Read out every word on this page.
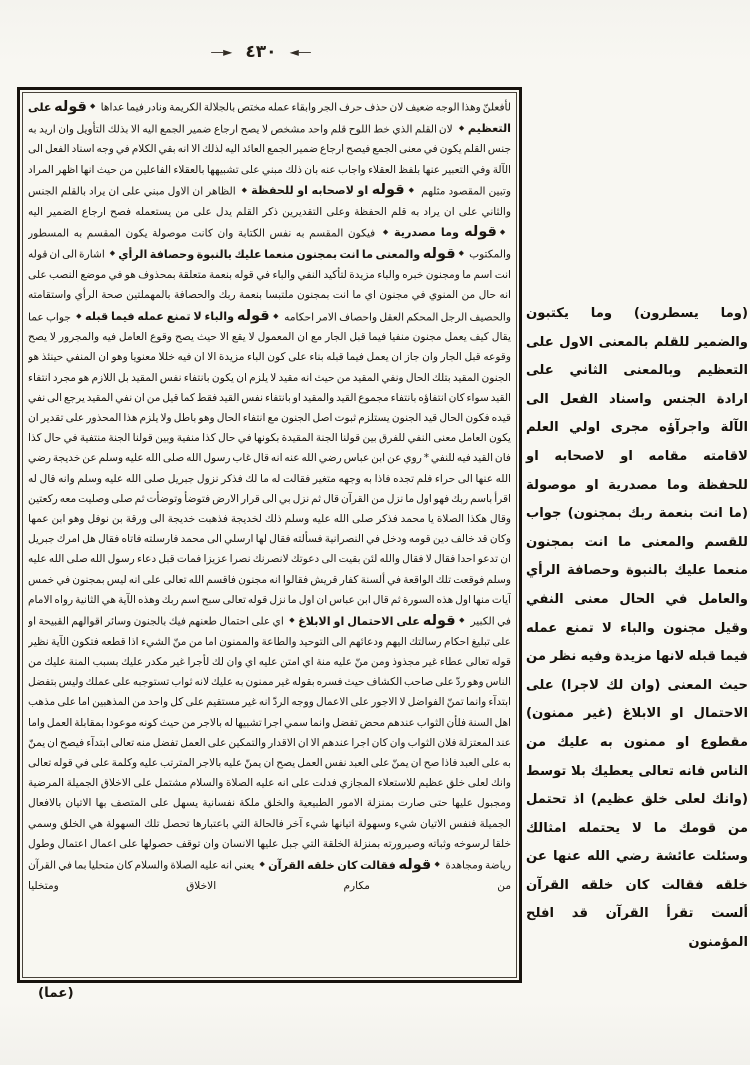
―► ٤٣٠ ◄―
لأفعلنّ وهذا الوجه ضعيف لان حذف حرف الجر وابقاء عمله مختص بالجلالة الكريمة ونادر فيما عداها ◆قوله على التعظيم◆ لان القلم الذي خط اللوح قلم واحد مشخص لا يصح ارجاع ضمير الجمع اليه الا بذلك التأويل وان اريد به جنس القلم يكون في معنى الجمع فيصح ارجاع ضمير الجمع العائد اليه لذلك الا انه بقي الكلام في وجه اسناد الفعل الى الآلة وفي التعبير عنها بلفظ العقلاء واجاب عنه بان ذلك مبني على تشبيهها بالعقلاء الفاعلين من حيث انها اظهر المراد وتبين المقصود مثلهم ◆قوله او لاصحابه او للحفظة◆ الظاهر ان الاول مبني على ان يراد بالقلم الجنس والثاني على ان يراد به قلم الحفظة وعلى التقديرين ذكر القلم يدل على من يستعمله فصح ارجاع الضمير اليه ◆قوله وما مصدرية◆ فيكون المقسم به نفس الكتابة وان كانت موصولة يكون المقسم به المسطور والمكتوب ◆قوله والمعنى ما انت بمجنون منعما عليك بالنبوة وحصافة الرأي◆ اشارة الى ان قوله انت اسم ما ومجنون خبره والباء مزيدة لتأكيد النفي والباء في قوله بنعمة متعلقة بمحذوف هو في موضع النصب على انه حال من المنوي في مجنون اي ما انت بمجنون ملتبسا بنعمة ربك والحصافة بالمهملتين صحة الرأي واستقامته والحصيف الرجل المحكم العقل واحصاف الامر احكامه ◆قوله والباء لا تمنع عمله فيما قبله◆ جواب عما يقال كيف يعمل مجنون منفيا فيما قبل الجار مع ان المعمول لا يقع الا حيث يصح وقوع العامل فيه والمجرور لا يصح وقوعه قبل الجار وان جاز ان يعمل فيما قبله بناء على كون الباء مزيدة الا ان فيه خللا معنويا وهو ان المنفي حينئذ هو الجنون المقيد بتلك الحال ونفي المقيد من حيث انه مقيد لا يلزم ان يكون بانتفاء نفس المقيد بل اللازم هو مجرد انتفاء القيد سواء كان انتفاؤه بانتفاء مجموع القيد والمقيد او بانتفاء نفس القيد فقط كما قيل من ان نفي المقيد يرجع الى نفي قيده فكون الحال قيد الجنون يستلزم ثبوت اصل الجنون مع انتفاء الحال وهو باطل ولا يلزم هذا المحذور على تقدير ان يكون العامل معنى النفي للفرق بين قولنا الجنة المقيدة بكونها في حال كذا منفية وبين قولنا الجنة منتفية في حال كذا فان القيد فيه للنفي * روي عن ابن عباس رضي الله عنه انه قال غاب رسول الله صلى الله عليه وسلم عن خديجة رضي الله عنها الى حراء فلم تجده فاذا به وجهه متغير فقالت له ما لك فذكر نزول جبريل صلى الله عليه وسلم وانه قال له اقرأ باسم ربك فهو اول ما نزل من القرآن قال ثم نزل بي الى قرار الارض فتوضأ وتوضأت ثم صلى وصليت معه ركعتين وقال هكذا الصلاة يا محمد فذكر صلى الله عليه وسلم ذلك لخديجة فذهبت خديجة الى ورقة بن نوفل وهو ابن عمها وكان قد خالف دين قومه ودخل في النصرانية فسألته فقال لها ارسلي الى محمد فارسلته فاتاه فقال هل امرك جبريل ان تدعو احدا فقال لا فقال والله لئن بقيت الى دعوتك لانصرنك نصرا عزيزا فمات قبل دعاء رسول الله صلى الله عليه وسلم فوقعت تلك الواقعة في ألسنة كفار قريش فقالوا انه مجنون فاقسم الله تعالى على انه ليس بمجنون في خمس آيات منها اول هذه السورة ثم قال ابن عباس ان اول ما نزل قوله تعالى سبح اسم ربك وهذه الآية هي الثانية رواه الامام في الكبير ◆قوله على الاحتمال او الابلاغ◆ اي على احتمال طعنهم فيك بالجنون وسائر اقوالهم القبيحة او على تبليغ احكام رسالتك اليهم ودعائهم الى التوحيد والطاعة والممنون اما من منّ الشيء اذا قطعه فتكون الآية نظير قوله تعالى عطاء غير مجذوذ ومن منّ عليه منة اي امتن عليه اي وان لك لأجرا غير مكدر عليك بسبب المنة عليك من الناس وهو ردّ على صاحب الكشاف حيث فسره بقوله غير ممنون به عليك لانه ثواب تستوجبه على عملك وليس بتفضل ابتدآء وانما تمنّ الفواضل لا الاجور على الاعمال ووجه الردّ انه غير مستقيم على كل واحد من المذهبين اما على مذهب اهل السنة فلأن الثواب عندهم محض تفضل وانما سمي اجرا تشبيها له بالاجر من حيث كونه موعودا بمقابلة العمل واما عند المعتزلة فلان الثواب وان كان اجرا عندهم الا ان الاقدار والتمكين على العمل تفضل منه تعالى ابتدآء فيصح ان يمنّ به على العبد فاذا صح ان يمنّ على العبد نفس العمل يصح ان يمنّ عليه بالاجر المترتب عليه وكلمة على في قوله تعالى وانك لعلى خلق عظيم للاستعلاء المجازي فدلت على انه عليه الصلاة والسلام مشتمل على الاخلاق الجميلة المرضية ومجبول عليها حتى صارت بمنزلة الامور الطبيعية والخلق ملكة نفسانية يسهل على المتصف بها الاتيان بالافعال الجميلة فنفس الاتيان شيء وسهولة اتيانها شيء آخر فالحالة التي باعتبارها تحصل تلك السهولة هي الخلق وسمي خلقا لرسوخه وثباته وصيرورته بمنزلة الخلقة التي جبل عليها الانسان وان توقف حصولها على اعمال اعتمال وطول رياضة ومجاهدة ◆قوله فقالت كان خلقه القرآن◆ يعني انه عليه الصلاة والسلام كان متحليا بما في القرآن من مكارم الاخلاق ومتخليا
(وما يسطرون) وما يكتبون والضمير للقلم بالمعنى الاول على التعظيم وبالمعنى الثاني على ارادة الجنس واسناد الفعل الى الآلة واجرآؤه مجرى اولي العلم لاقامته مقامه او لاصحابه او للحفظة وما مصدرية او موصولة (ما انت بنعمة ربك بمجنون) جواب للقسم والمعنى ما انت بمجنون منعما عليك بالنبوة وحصافة الرأي والعامل في الحال معنى النفي وقيل مجنون والباء لا تمنع عمله فيما قبله لانها مزيدة وفيه نظر من حيث المعنى (وان لك لاجرا) على الاحتمال او الابلاغ (غير ممنون) مقطوع او ممنون به عليك من الناس فانه تعالى يعطيك بلا توسط (وانك لعلى خلق عظيم) اذ تحتمل من قومك ما لا يحتمله امثالك وسئلت عائشة رضي الله عنها عن خلقه فقالت كان خلقه القرآن ألست تقرأ القرآن قد افلح المؤمنون
(عما)
